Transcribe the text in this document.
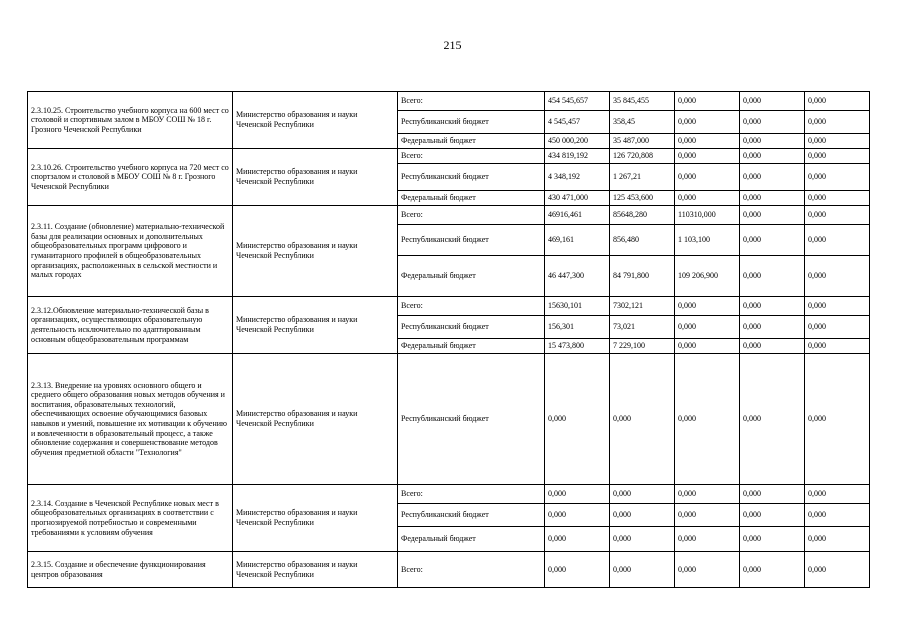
215
2.3.10.25. Строительство учебного корпуса на 600 мест со столовой и спортивным залом в МБОУ СОШ № 18 г. Грозного Чеченской Республики	Министерство образования и науки Чеченской Республики	Всего:	454 545,657	35 845,455	0,000	0,000	0,000
		Республиканский бюджет	4 545,457	358,45	0,000	0,000	0,000
		Федеральный бюджет	450 000,200	35 487,000	0,000	0,000	0,000
2.3.10.26. Строительство учебного корпуса на 720 мест со спортзалом и столовой в МБОУ СОШ № 8 г. Грозного Чеченской Республики	Министерство образования и науки Чеченской Республики	Всего:	434 819,192	126 720,808	0,000	0,000	0,000
		Республиканский бюджет	4 348,192	1 267,21	0,000	0,000	0,000
		Федеральный бюджет	430 471,000	125 453,600	0,000	0,000	0,000
2.3.11. Создание (обновление) материально-технической базы для реализации основных и дополнительных общеобразовательных программ цифрового и гуманитарного профилей в общеобразовательных организациях, расположенных в сельской местности и малых городах	Министерство образования и науки Чеченской Республики	Всего:	46916,461	85648,280	110310,000	0,000	0,000
		Республиканский бюджет	469,161	856,480	1 103,100	0,000	0,000
		Федеральный бюджет	46 447,300	84 791,800	109 206,900	0,000	0,000
2.3.12.Обновление материально-технической базы в организациях, осуществляющих образовательную деятельность исключительно по адаптированным основным общеобразовательным программам	Министерство образования и науки Чеченской Республики	Всего:	15630,101	7302,121	0,000	0,000	0,000
		Республиканский бюджет	156,301	73,021	0,000	0,000	0,000
		Федеральный бюджет	15 473,800	7 229,100	0,000	0,000	0,000
2.3.13. Внедрение на уровнях основного общего и среднего общего образования новых методов обучения и воспитания, образовательных технологий, обеспечивающих освоение обучающимися базовых навыков и умений, повышение их мотивации к обучению и вовлеченности в образовательный процесс, а также обновление содержания и совершенствование методов обучения предметной области "Технология"	Министерство образования и науки Чеченской Республики	Республиканский бюджет	0,000	0,000	0,000	0,000	0,000
2.3.14. Создание в Чеченской Республике новых мест в общеобразовательных организациях в соответствии с прогнозируемой потребностью и современными требованиями к условиям обучения	Министерство образования и науки Чеченской Республики	Всего:	0,000	0,000	0,000	0,000	0,000
		Республиканский бюджет	0,000	0,000	0,000	0,000	0,000
		Федеральный бюджет	0,000	0,000	0,000	0,000	0,000
2.3.15. Создание и обеспечение функционирования центров образования	Министерство образования и науки Чеченской Республики	Всего:	0,000	0,000	0,000	0,000	0,000
